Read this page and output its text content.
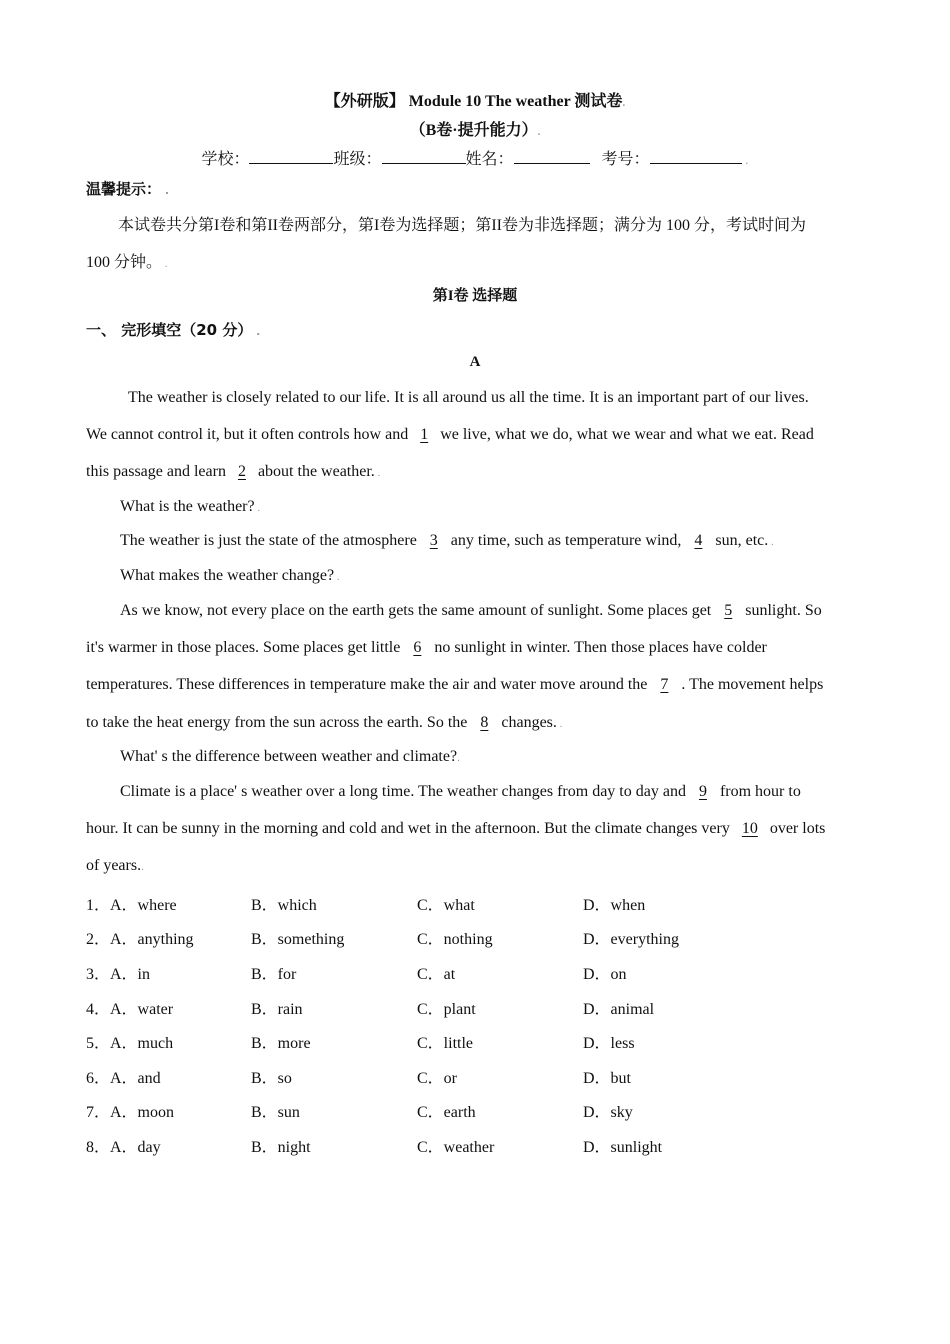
【外研版】 Module 10 The weather 测试卷.
（B卷·提升能力）.
学校：	班级：	姓名：	考号：	.
温馨提示： .
本试卷共分第I卷和第II卷两部分，第I卷为选择题；第II卷为非选择题；满分为 100 分，考试时间为
100 分钟。 .
第I卷 选择题
一、 完形填空（20 分） .
A
The weather is closely related to our life. It is all around us all the time. It is an important part of our lives.
We cannot control it, but it often controls how and 1 we live, what we do, what we wear and what we eat. Read
this passage and learn 2 about the weather. .
What is the weather? .
The weather is just the state of the atmosphere 3 any time, such as temperature wind, 4 sun, etc. .
What makes the weather change? .
As we know, not every place on the earth gets the same amount of sunlight. Some places get 5 sunlight. So
it's warmer in those places. Some places get little 6 no sunlight in winter. Then those places have colder
temperatures. These differences in temperature make the air and water move around the 7 . The movement helps
to take the heat energy from the sun across the earth. So the 8 changes. .
What' s the difference between weather and climate?.
Climate is a place' s weather over a long time. The weather changes from day to day and 9 from hour to
hour. It can be sunny in the morning and cold and wet in the afternoon. But the climate changes very 10 over lots
of years..
1． A．where	B．which	C．what	D．when
2． A．anything	B．something	C．nothing	D．everything
3． A．in	B．for	C．at	D．on
4． A．water	B．rain	C．plant	D．animal
5． A．much	B．more	C．little	D．less
6． A．and	B．so	C．or	D．but
7． A．moon	B．sun	C．earth	D．sky
8． A．day	B．night	C．weather	D．sunlight
